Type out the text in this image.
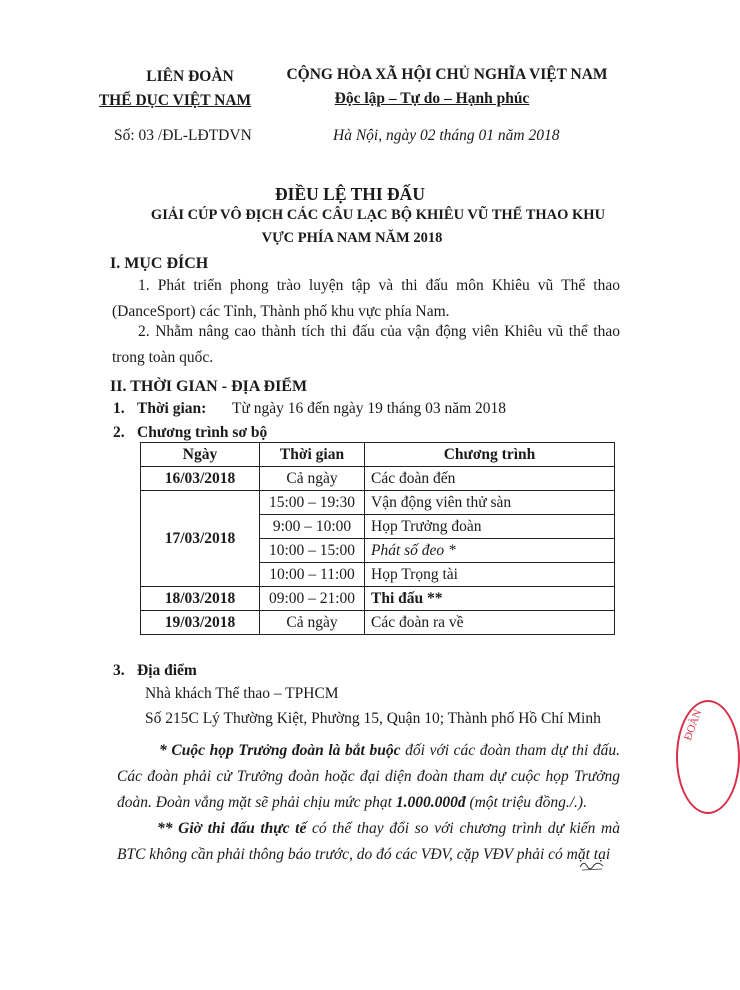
LIÊN ĐOÀN
THỂ DỤC VIỆT NAM
CỘNG HÒA XÃ HỘI CHỦ NGHĨA VIỆT NAM
Độc lập – Tự do – Hạnh phúc
Số: 03 /ĐL-LĐTDVN	Hà Nội, ngày 02 tháng 01 năm 2018
ĐIỀU LỆ THI ĐẤU
GIẢI CÚP VÔ ĐỊCH CÁC CÂU LẠC BỘ KHIÊU VŨ THỂ THAO KHU
VỰC PHÍA NAM NĂM 2018
I. MỤC ĐÍCH
1. Phát triển phong trào luyện tập và thi đấu môn Khiêu vũ Thể thao (DanceSport) các Tỉnh, Thành phố khu vực phía Nam.
2. Nhằm nâng cao thành tích thi đấu của vận động viên Khiêu vũ thể thao trong toàn quốc.
II. THỜI GIAN - ĐỊA ĐIỂM
1. Thời gian: Từ ngày 16 đến ngày 19 tháng 03 năm 2018
2. Chương trình sơ bộ
Ngày	Thời gian	Chương trình
16/03/2018	Cả ngày	Các đoàn đến
17/03/2018	15:00 – 19:30	Vận động viên thử sàn
	9:00 – 10:00	Họp Trưởng đoàn
	10:00 – 15:00	Phát số đeo *
	10:00 – 11:00	Họp Trọng tài
18/03/2018	09:00 – 21:00	Thi đấu **
19/03/2018	Cả ngày	Các đoàn ra về
3. Địa điểm
Nhà khách Thể thao – TPHCM
Số 215C Lý Thường Kiệt, Phường 15, Quận 10; Thành phố Hồ Chí Minh
* Cuộc họp Trưởng đoàn là bắt buộc đối với các đoàn tham dự thi đấu. Các đoàn phải cử Trưởng đoàn hoặc đại diện đoàn tham dự cuộc họp Trưởng đoàn. Đoàn vắng mặt sẽ phải chịu mức phạt 1.000.000đ (một triệu đồng./.).
** Giờ thi đấu thực tế có thể thay đổi so với chương trình dự kiến mà BTC không cần phải thông báo trước, do đó các VĐV, cặp VĐV phải có mặt tại
ĐOÀN
